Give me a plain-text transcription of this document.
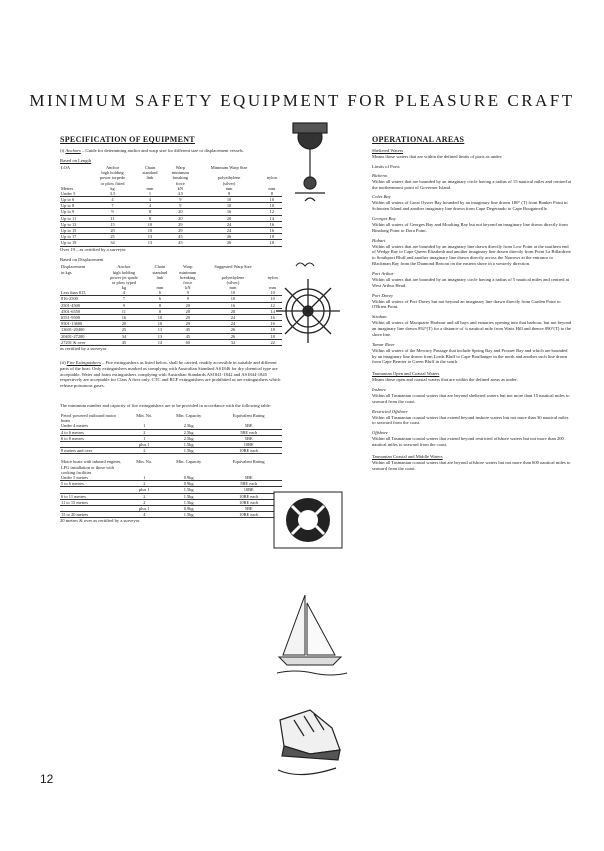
MINIMUM SAFETY EQUIPMENT FOR PLEASURE CRAFT
SPECIFICATION OF EQUIPMENT

(i) Anchors – Guide for determining anchor and warp size for different size or displacement vessels.

Based on Length

LOA	Anchor	Chain	Warp	Minimum Warp Size	
	high holding	standard	minimum		
	power torpedo	link	breaking	polyethylene	nylon
	or plow fitted		force	(silver)	
Metres	kg	mm	kN	mm	mm
Under 5	3.5	1	4.5	8	8
Up to 6	4	4	9	10	10
Up to 8	7	4	9	10	10
Up to 9	9	8	20	16	12
Up to 11	11	8	20	20	14
Up to 13	15	10	29	24	16
Up to 15	20	10	29	24	16
Up to 17	25	13	45	26	18
Up to 19	34	13	45	26	18

Over 19 – as certified by a surveyor

Based on Displacement

Displacement	Anchor	Chain	Warp	Suggested Warp Size	
in kgs	high holding	standard	minimum		
	power jet spade	link	breaking	polyethylene	nylon
	or plow typed		force	(silver)	
	kg	mm	kN	mm	mm
Less than 815	4	6	9	10	10
816-2500	7	6	9	10	10
2501-4500	9	8	20	16	12
4501-6550	11	8	20	20	14
6551-9500	16	10	29	24	16
9501-13600	20	10	29	24	16
13601-20400	25	13	45	26	18
20401-27200	34	13	45	26	18
27201 & over	45	14	60	32	22

as certified by a surveyor

(ii) Fire Extinguishers – Fire extinguishers as listed below, shall be carried, readily accessible in suitable and different parts of the boat. Only extinguishers marked as complying with Australian Standard AS1846 for dry chemical type are acceptable. Water and foam extinguishers complying with Australian Standards AS1841-1842 and AS1844-1845 respectively are acceptable for Class A fires only. CTC and BCF extinguishers are prohibited as are extinguishers which release poisonous gases.

The minimum number and capacity of fire extinguishers are to be provided in accordance with the following table:

Petrol powered outboard motor boats	Min. No.	Min. Capacity	Equivalent Rating
Under 4 metres	1	2.5kg	5BE
4 to 6 metres	2	2.5kg	5BE each
6 to 8 metres	1	2.5kg	5BE
	plus 1	1.5kg	10BE
8 metres and over	2	1.5kg	10BE each
Motor boats with inboard engines, LPG installation or those with cooking facilities	Min. No.	Min. Capacity	Equivalent Rating
Under 5 metres	1	0.9kg	5BE
5 to 6 metres	2	0.9kg	5BE each
	plus 1	1.5kg	10BE
6 to 11 metres	2	1.5kg	10BE each
11 to 15 metres	2	1.5kg	10BE each
	plus 1	0.9kg	5BE
15 to 20 metres	4	1.5kg	10BE each

20 metres & over as certified by a surveyor

OPERATIONAL AREAS

Sheltered Waters

Means those waters that are within the defined limits of ports as under:

Limits of Ports

Bicheno

Within all waters that are bounded by an imaginary circle having a radius of 15 nautical miles and centred at the northernmost point of Governor Island.

Coles Bay

Within all waters of Great Oyster Bay bounded by an imaginary line drawn 180° (T) from Bunker Point in Schouten Island and another imaginary line drawn from Cape Degerando to Cape Bougainville.

Georges Bay

Within all waters of Georges Bay and Moulting Bay but not beyond an imaginary line drawn directly from Binalong Point to Dora Point.

Hobart

Within all waters that are bounded by an imaginary line drawn directly from Low Point at the southern end of Wedge Bay to Cape Queen Elizabeth and another imaginary line drawn directly from Point La Billardiere to Southport Bluff and another imaginary line drawn directly across the Narrows at the entrance to Blackman Bay from the Diamond Beacon on the eastern shore in a westerly direction.

Port Arthur

Within all waters that are bounded by an imaginary circle having a radius of 5 nautical miles and centred at West Arthur Head.

Port Davey

Within all waters of Port Davey but not beyond an imaginary line drawn directly from Garden Point to O'Brien Point.

Strahan

Within all waters of Macquarie Harbour and all bays and estuaries opening into that harbour, but not beyond an imaginary line drawn 092°(T) for a distance of ¼ nautical mile from Watts Hill and thence 090°(T) to the shore line.

Tamar River

Within all waters of the Mercury Passage that include Spring Bay and Prosser Bay and which are bounded by an imaginary line drawn from Lords Bluff to Cape Boullanger in the north and another such line drawn from Cape Bernier to Green Bluff in the south.

Tasmanian Open and Coastal Waters

Means those open and coastal waters that are within the defined areas as under:

Inshore

Within all Tasmanian coastal waters that are beyond sheltered waters but not more than 15 nautical miles to seaward from the coast.

Restricted Offshore

Within all Tasmanian coastal waters that extend beyond inshore waters but not more than 30 nautical miles to seaward from the coast.

Offshore

Within all Tasmanian coastal waters that extend beyond restricted offshore waters but not more than 200 nautical miles to seaward from the coast.

Tasmanian Coastal and Middle Waters

Within all Tasmanian coastal waters that are beyond offshore waters but not more than 600 nautical miles to seaward from the coast.

12
